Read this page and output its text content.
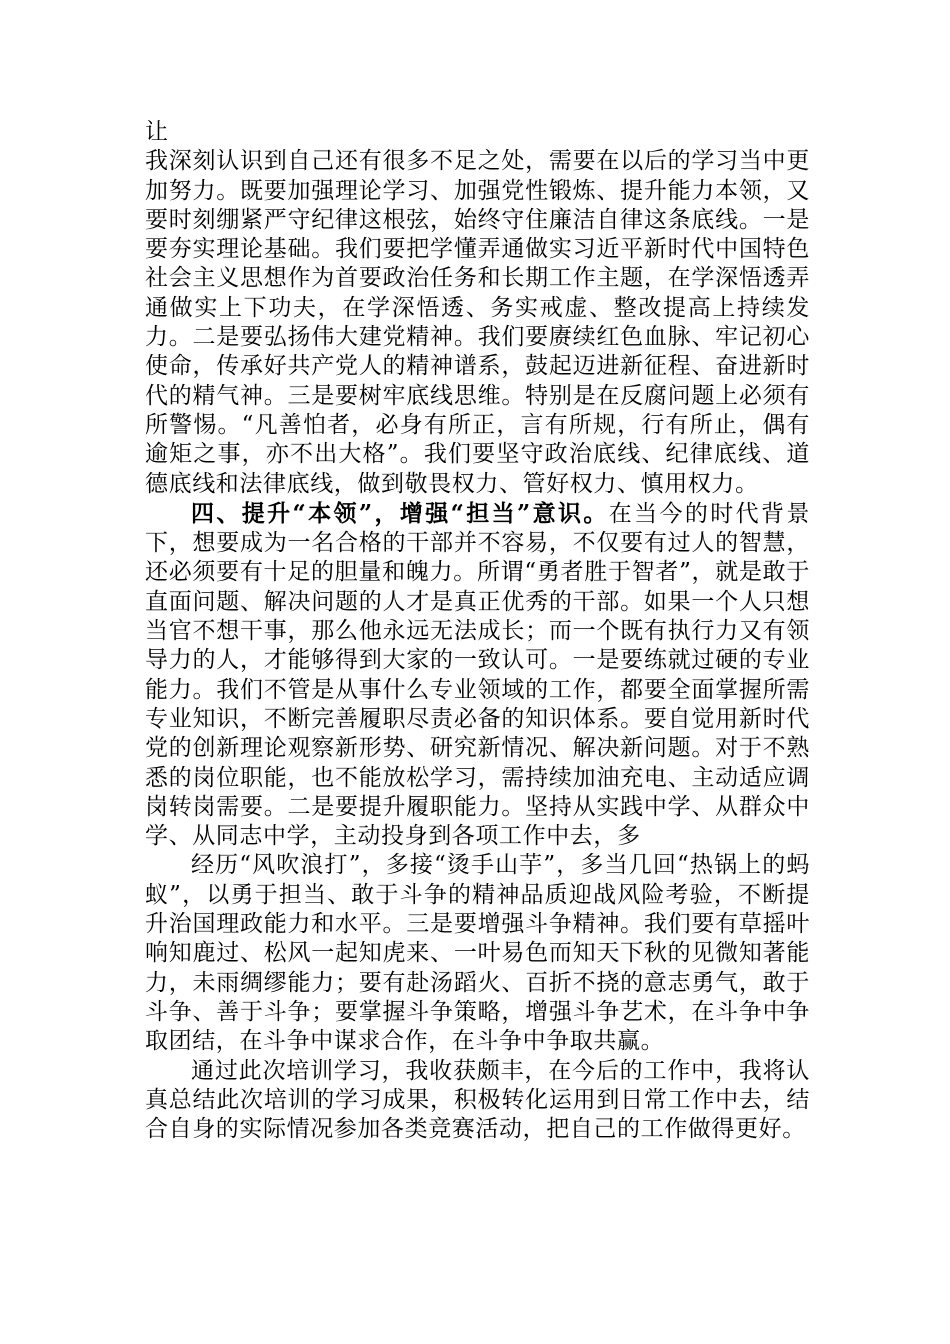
让

我深刻认识到自己还有很多不足之处，需要在以后的学习当中更加努力。既要加强理论学习、加强党性锻炼、提升能力本领，又要时刻绷紧严守纪律这根弦，始终守住廉洁自律这条底线。一是要夯实理论基础。我们要把学懂弄通做实习近平新时代中国特色社会主义思想作为首要政治任务和长期工作主题，在学深悟透弄通做实上下功夫，在学深悟透、务实戒虚、整改提高上持续发力。二是要弘扬伟大建党精神。我们要赓续红色血脉、牢记初心使命，传承好共产党人的精神谱系，鼓起迈进新征程、奋进新时代的精气神。三是要树牢底线思维。特别是在反腐问题上必须有所警惕。“凡善怕者，必身有所正，言有所规，行有所止，偶有逾矩之事，亦不出大格”。我们要坚守政治底线、纪律底线、道德底线和法律底线，做到敬畏权力、管好权力、慎用权力。

四、提升“本领”，增强“担当”意识。在当今的时代背景下，想要成为一名合格的干部并不容易，不仅要有过人的智慧，还必须要有十足的胆量和魄力。所谓“勇者胜于智者”，就是敢于直面问题、解决问题的人才是真正优秀的干部。如果一个人只想当官不想干事，那么他永远无法成长；而一个既有执行力又有领导力的人，才能够得到大家的一致认可。一是要练就过硬的专业能力。我们不管是从事什么专业领域的工作，都要全面掌握所需专业知识，不断完善履职尽责必备的知识体系。要自觉用新时代党的创新理论观察新形势、研究新情况、解决新问题。对于不熟悉的岗位职能，也不能放松学习，需持续加油充电、主动适应调岗转岗需要。二是要提升履职能力。坚持从实践中学、从群众中学、从同志中学，主动投身到各项工作中去，多

经历“风吹浪打”，多接“烫手山芋”，多当几回“热锅上的蚂蚁”，以勇于担当、敢于斗争的精神品质迎战风险考验，不断提升治国理政能力和水平。三是要增强斗争精神。我们要有草摇叶响知鹿过、松风一起知虎来、一叶易色而知天下秋的见微知著能力，未雨绸缪能力；要有赴汤蹈火、百折不挠的意志勇气，敢于斗争、善于斗争；要掌握斗争策略，增强斗争艺术，在斗争中争取团结，在斗争中谋求合作，在斗争中争取共赢。

通过此次培训学习，我收获颇丰，在今后的工作中，我将认真总结此次培训的学习成果，积极转化运用到日常工作中去，结合自身的实际情况参加各类竞赛活动，把自己的工作做得更好。
